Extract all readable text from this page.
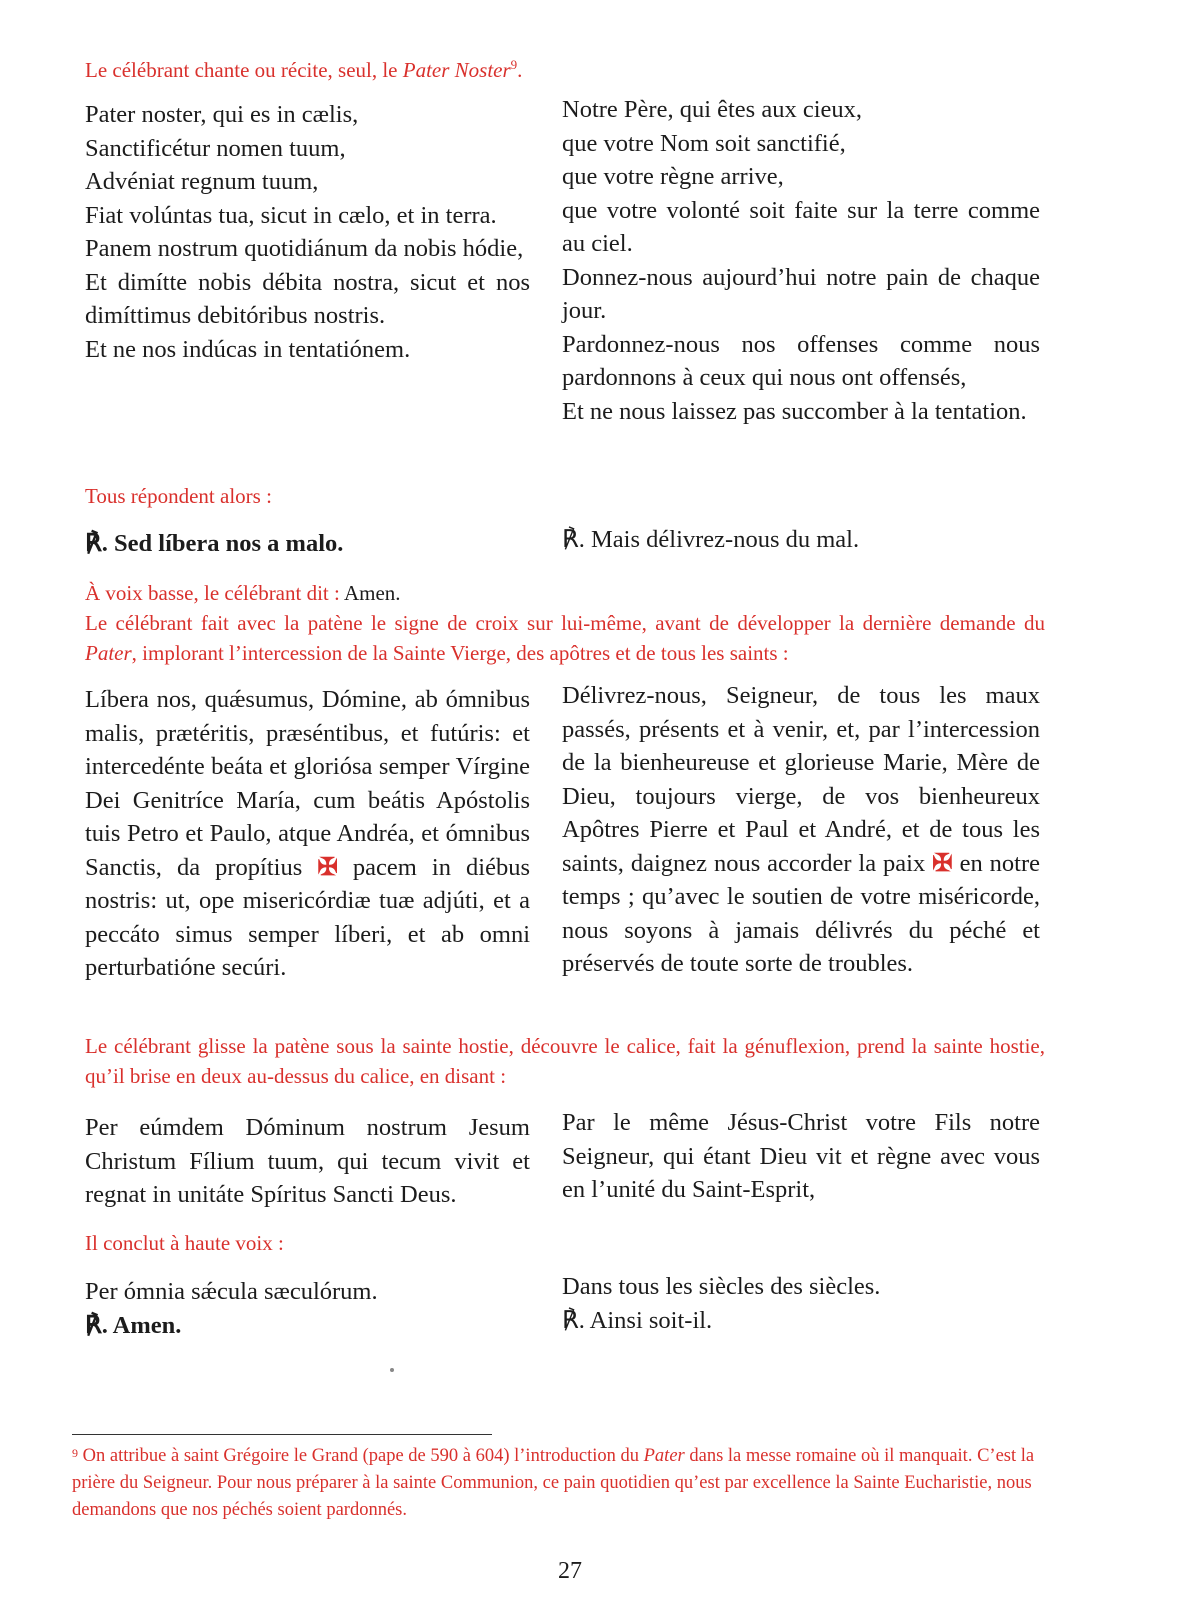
Le célébrant chante ou récite, seul, le Pater Noster$^9$.

Pater noster, qui es in cælis,

Sanctificétur nomen tuum,

Advéniat regnum tuum,

Fiat volúntas tua, sicut in cælo, et in terra.

Panem nostrum quotidiánum da nobis hódie,

Et dimítte nobis débita nostra, sicut et nos dimíttimus debitóribus nostris.

Et ne nos indúcas in tentatiónem.

Notre Père, qui êtes aux cieux,

que votre Nom soit sanctifié,

que votre règne arrive,

que votre volonté soit faite sur la terre comme au ciel.

Donnez-nous aujourd’hui notre pain de chaque jour.

Pardonnez-nous nos offenses comme nous pardonnons à ceux qui nous ont offensés,

Et ne nous laissez pas succomber à la tentation.

Tous répondent alors :

℟. Sed líbera nos a malo.	℟. Mais délivrez-nous du mal.

À voix basse, le célébrant dit : Amen.
Le célébrant fait avec la patène le signe de croix sur lui-même, avant de développer la dernière demande du Pater, implorant l’intercession de la Sainte Vierge, des apôtres et de tous les saints :

Líbera nos, quǽsumus, Dómine, ab ómnibus malis, prætéritis, præséntibus, et futúris: et intercedénte beáta et gloriósa semper Vírgine Dei Genitríce María, cum beátis Apóstolis tuis Petro et Paulo, atque Andréa, et ómnibus Sanctis, da propítius ✠ pacem in diébus nostris: ut, ope misericórdiæ tuæ adjúti, et a peccáto simus semper líberi, et ab omni perturbatióne secúri.

Délivrez-nous, Seigneur, de tous les maux passés, présents et à venir, et, par l’intercession de la bienheureuse et glorieuse Marie, Mère de Dieu, toujours vierge, de vos bienheureux Apôtres Pierre et Paul et André, et de tous les saints, daignez nous accorder la paix ✠ en notre temps ; qu’avec le soutien de votre miséricorde, nous soyons à jamais délivrés du péché et préservés de toute sorte de troubles.

Le célébrant glisse la patène sous la sainte hostie, découvre le calice, fait la génuflexion, prend la sainte hostie, qu’il brise en deux au-dessus du calice, en disant :

Per eúmdem Dóminum nostrum Jesum Christum Fílium tuum, qui tecum vivit et regnat in unitáte Spíritus Sancti Deus.

Par le même Jésus-Christ votre Fils notre Seigneur, qui étant Dieu vit et règne avec vous en l’unité du Saint-Esprit,

Il conclut à haute voix :

Per ómnia sǽcula sæculórum.

℟. Amen.

Dans tous les siècles des siècles.

℟. Ainsi soit-il.

$^9$ On attribue à saint Grégoire le Grand (pape de 590 à 604) l’introduction du Pater dans la messe romaine où il manquait. C’est la prière du Seigneur. Pour nous préparer à la sainte Communion, ce pain quotidien qu’est par excellence la Sainte Eucharistie, nous demandons que nos péchés soient pardonnés.
27
